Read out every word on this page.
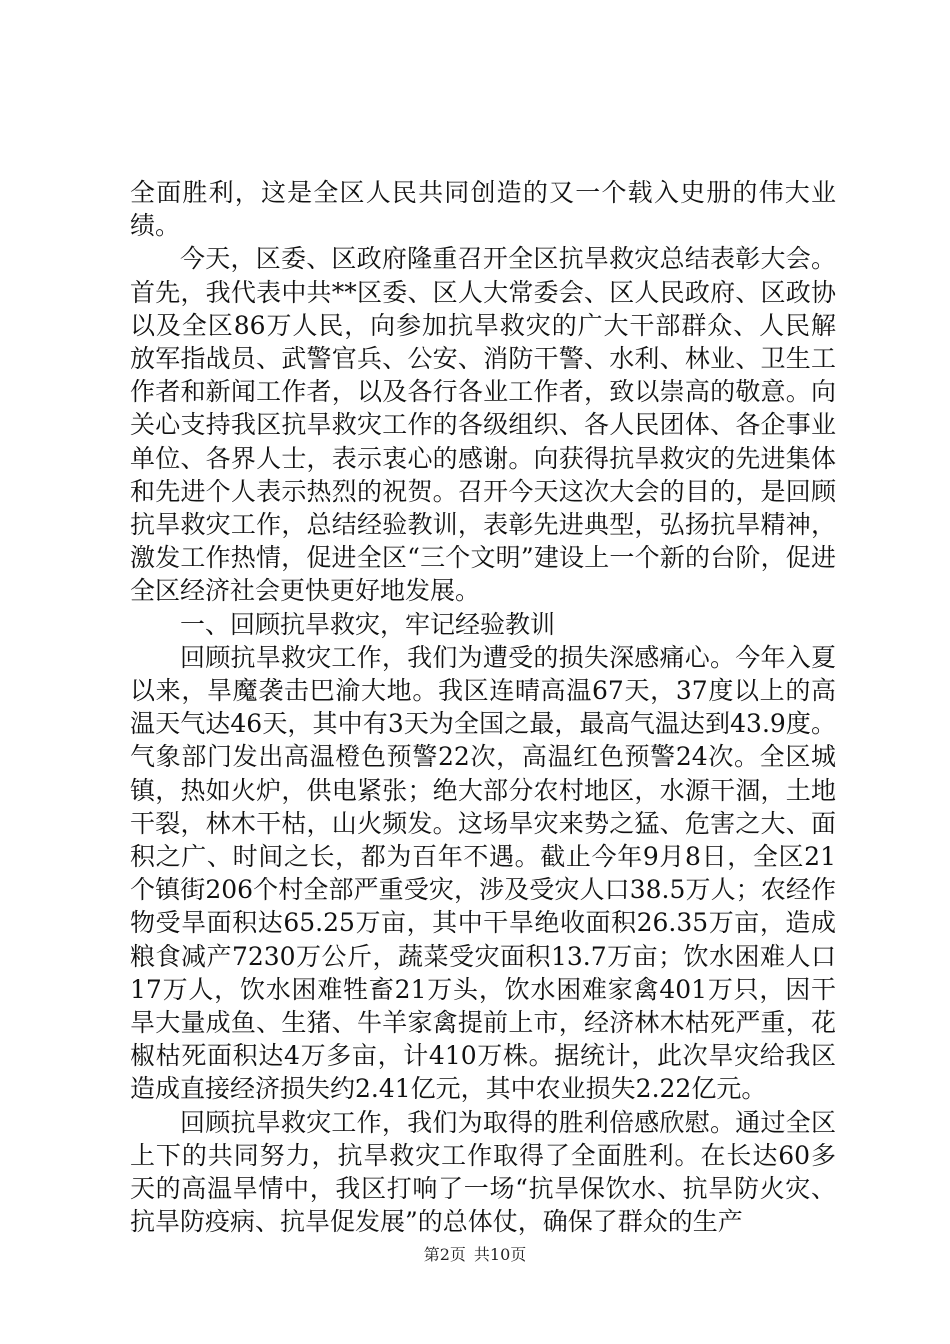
全面胜利，这是全区人民共同创造的又一个载入史册的伟大业绩。

今天，区委、区政府隆重召开全区抗旱救灾总结表彰大会。首先，我代表中共**区委、区人大常委会、区人民政府、区政协以及全区86万人民，向参加抗旱救灾的广大干部群众、人民解放军指战员、武警官兵、公安、消防干警、水利、林业、卫生工作者和新闻工作者，以及各行各业工作者，致以崇高的敬意。向关心支持我区抗旱救灾工作的各级组织、各人民团体、各企事业单位、各界人士，表示衷心的感谢。向获得抗旱救灾的先进集体和先进个人表示热烈的祝贺。召开今天这次大会的目的，是回顾抗旱救灾工作，总结经验教训，表彰先进典型，弘扬抗旱精神，激发工作热情，促进全区“三个文明”建设上一个新的台阶，促进全区经济社会更快更好地发展。

一、回顾抗旱救灾，牢记经验教训

回顾抗旱救灾工作，我们为遭受的损失深感痛心。今年入夏以来，旱魔袭击巴渝大地。我区连晴高温67天，37度以上的高温天气达46天，其中有3天为全国之最，最高气温达到43.9度。气象部门发出高温橙色预警22次，高温红色预警24次。全区城镇，热如火炉，供电紧张；绝大部分农村地区，水源干涸，土地干裂，林木干枯，山火频发。这场旱灾来势之猛、危害之大、面积之广、时间之长，都为百年不遇。截止今年9月8日，全区21个镇街206个村全部严重受灾，涉及受灾人口38.5万人；农经作物受旱面积达65.25万亩，其中干旱绝收面积26.35万亩，造成粮食减产7230万公斤，蔬菜受灾面积13.7万亩；饮水困难人口17万人，饮水困难牲畜21万头，饮水困难家禽401万只，因干旱大量成鱼、生猪、牛羊家禽提前上市，经济林木枯死严重，花椒枯死面积达4万多亩，计410万株。据统计，此次旱灾给我区造成直接经济损失约2.41亿元，其中农业损失2.22亿元。

回顾抗旱救灾工作，我们为取得的胜利倍感欣慰。通过全区上下的共同努力，抗旱救灾工作取得了全面胜利。在长达60多天的高温旱情中，我区打响了一场“抗旱保饮水、抗旱防火灾、抗旱防疫病、抗旱促发展”的总体仗，确保了群众的生产

第2页 共10页
